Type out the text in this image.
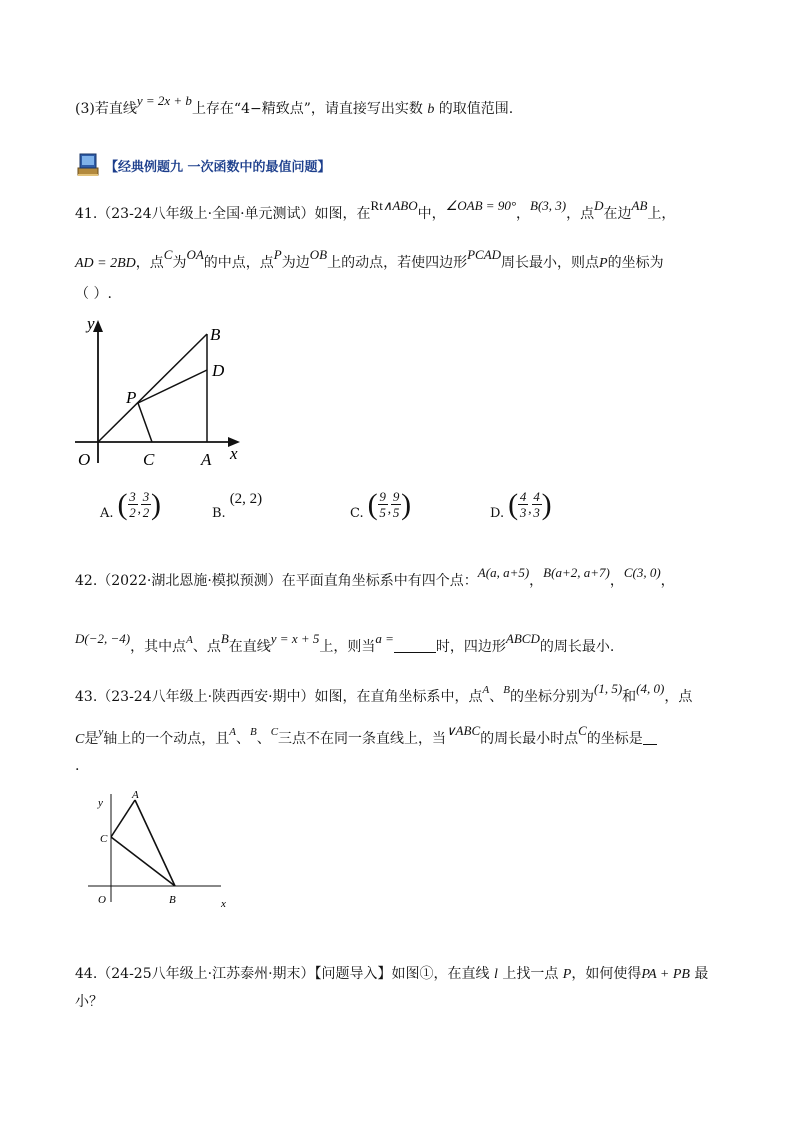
(3)若直线y = 2x + b上存在“4−精致点”，请直接写出实数 b 的取值范围.
【经典例题九 一次函数中的最值问题】
41.（23-24八年级上·全国·单元测试）如图，在Rt∧ABO中，∠OAB = 90°，B(3, 3)，点D在边AB上，
AD = 2BD，点C为OA的中点，点P为边OB上的动点，若使四边形PCAD周长最小，则点P的坐标为
（ ）.
y
x
O	C	A
P
B
D
A. ( $\frac{3}{2}$ , $\frac{3}{2}$ )	B.
(2, 2)
C. ( $\frac{9}{5}$ , $\frac{9}{5}$ )	D. ( $\frac{4}{3}$ , $\frac{4}{3}$ )
42.（2022·湖北恩施·模拟预测）在平面直角坐标系中有四个点：A(a, a+5)，B(a+2, a+7)，C(3, 0)，
D(−2, −4)，其中点$^A$、点B在直线y = x + 5上，则当a =时，四边形ABCD的周长最小.
43.（23-24八年级上·陕西西安·期中）如图，在直角坐标系中，点$^A$、$^B$的坐标分别为(1, 5)和(4, 0)，点
C是$^y$轴上的一个动点，且$^A$、$^B$、$^C$三点不在同一条直线上，当∨ABC的周长最小时点C的坐标是
.
y
x
O
A
B
C
44.（24-25八年级上·江苏泰州·期末）【问题导入】如图①，在直线 l 上找一点 P，如何使得PA + PB 最
小？
